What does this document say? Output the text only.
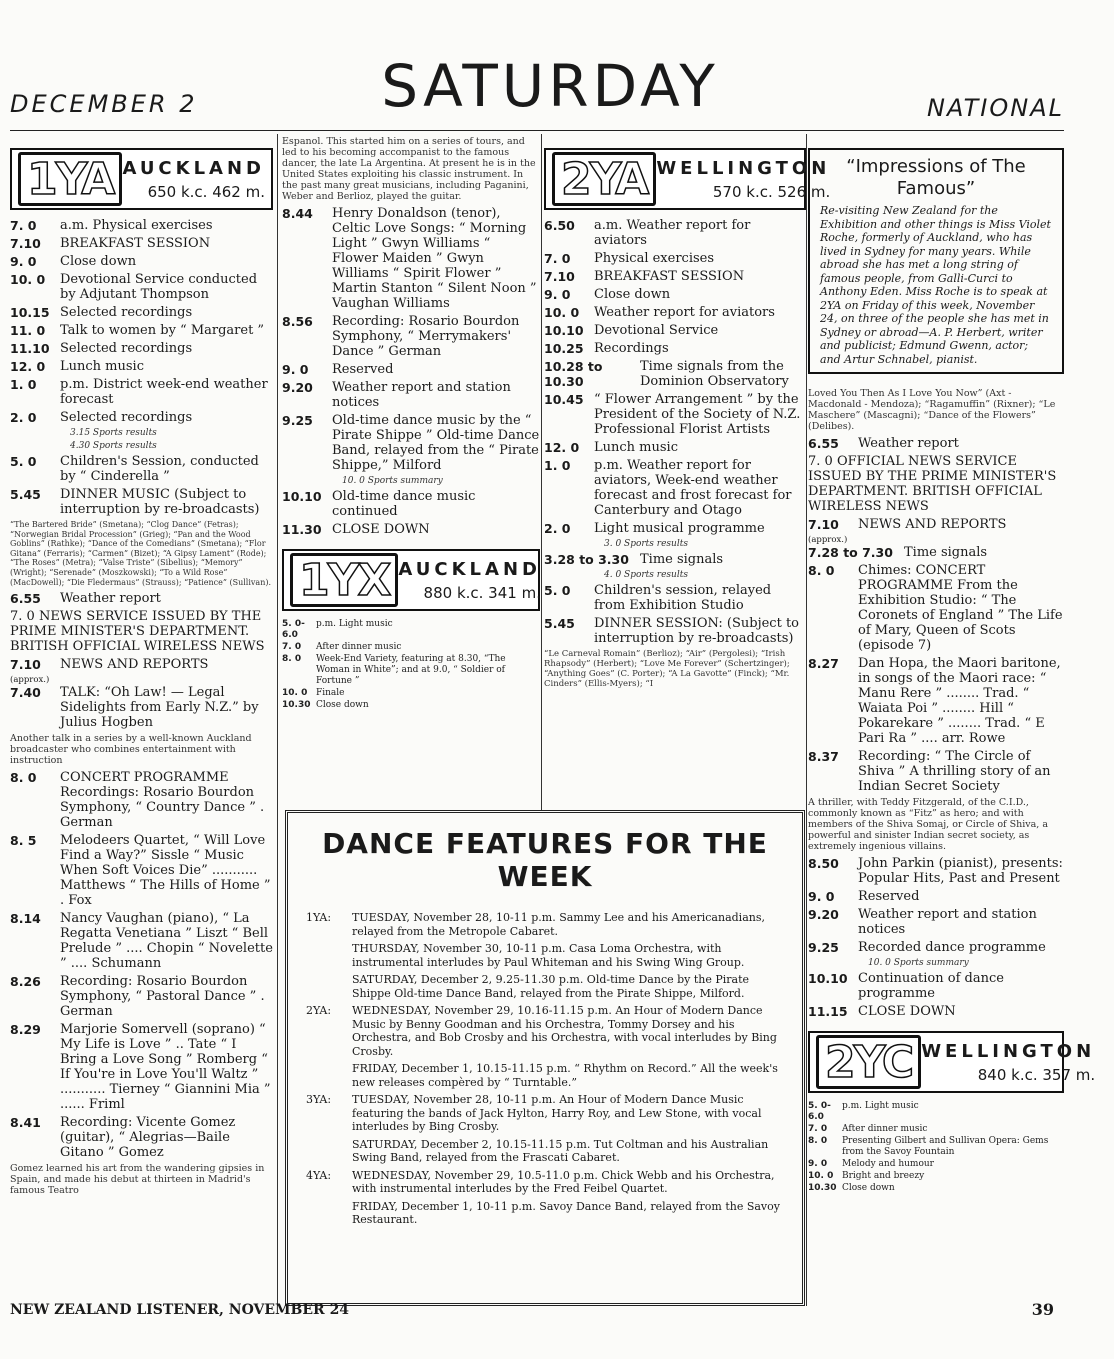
DECEMBER 2	SATURDAY	NATIONAL
1YA AUCKLAND
650 k.c. 462 m.
7. 0	a.m. Physical exercises
7.10	BREAKFAST SESSION
9. 0	Close down
10. 0	Devotional Service conducted by Adjutant Thompson
10.15 Selected recordings
11. 0	Talk to women by “ Margaret ”
11.10 Selected recordings
12. 0	Lunch music
1. 0	p.m. District week-end weather forecast
2. 0	Selected recordings
3.15 Sports results
4.30 Sports results
5. 0	Children's Session, conducted by “ Cinderella ”
5.45	DINNER MUSIC (Subject to interruption by re-broadcasts)
“The Bartered Bride” (Smetana); “Clog Dance” (Fetras); “Norwegian Bridal Procession” (Grieg); “Pan and the Wood Goblins” (Rathke); “Dance of the Comedians” (Smetana); “Flor Gitana” (Ferraris); “Carmen” (Bizet); “A Gipsy Lament” (Rode); “The Roses” (Metra); “Valse Triste” (Sibelius); “Memory” (Wright); “Serenade” (Moszkowski); “To a Wild Rose” (MacDowell); “Die Fledermaus” (Strauss); “Patience” (Sullivan).
6.55	Weather report
7. 0 NEWS SERVICE ISSUED BY THE PRIME MINISTER'S DEPARTMENT. BRITISH OFFICIAL WIRELESS NEWS
7.10	NEWS AND REPORTS
(approx.)
7.40	TALK: “Oh Law! — Legal Sidelights from Early N.Z.” by Julius Hogben
Another talk in a series by a well-known Auckland broadcaster who combines entertainment with instruction
8. 0	CONCERT PROGRAMME Recordings: Rosario Bourdon Symphony, “ Country Dance ” . German
8. 5	Melodeers Quartet, “ Will Love Find a Way?” Sissle “ Music When Soft Voices Die” ........... Matthews “ The Hills of Home ” . Fox
8.14	Nancy Vaughan (piano), “ La Regatta Venetiana ” Liszt “ Bell Prelude ” .... Chopin “ Novelette ” .... Schumann
8.26	Recording: Rosario Bourdon Symphony, “ Pastoral Dance ” . German
8.29	Marjorie Somervell (soprano) “ My Life is Love ” .. Tate “ I Bring a Love Song ” Romberg “ If You're in Love You'll Waltz ” ........... Tierney “ Giannini Mia ” ...... Friml
8.41	Recording: Vicente Gomez (guitar), “ Alegrias—Baile Gitano ” Gomez
Gomez learned his art from the wandering gipsies in Spain, and made his debut at thirteen in Madrid's famous Teatro
Espanol. This started him on a series of tours, and led to his becoming accompanist to the famous dancer, the late La Argentina. At present he is in the United States exploiting his classic instrument. In the past many great musicians, including Paganini, Weber and Berlioz, played the guitar.
8.44	Henry Donaldson (tenor), Celtic Love Songs: “ Morning Light ” Gwyn Williams “ Flower Maiden ” Gwyn Williams “ Spirit Flower ” Martin Stanton “ Silent Noon ” Vaughan Williams
8.56	Recording: Rosario Bourdon Symphony, “ Merrymakers' Dance ” German
9. 0	Reserved
9.20	Weather report and station notices
9.25	Old-time dance music by the “ Pirate Shippe ” Old-time Dance Band, relayed from the “ Pirate Shippe,” Milford
10. 0 Sports summary
10.10 Old-time dance music continued
11.30 CLOSE DOWN
1YX AUCKLAND
880 k.c. 341 m.
5. 0-6.0
p.m. Light music
7. 0	After dinner music
8. 0	Week-End Variety, featuring at 8.30, “The Woman in White”; and at 9.0, “ Soldier of Fortune ”
10. 0 Finale
10.30 Close down
2YA WELLINGTON
570 k.c. 526 m.
6.50	a.m. Weather report for aviators
7. 0	Physical exercises
7.10	BREAKFAST SESSION
9. 0	Close down
10. 0	Weather report for aviators
10.10 Devotional Service
10.25 Recordings
10.28 to 10.30
Time signals from the Dominion Observatory
10.45 “ Flower Arrangement ” by the President of the Society of N.Z. Professional Florist Artists
12. 0	Lunch music
1. 0	p.m. Weather report for aviators, Week-end weather forecast and frost forecast for Canterbury and Otago
2. 0	Light musical programme
3. 0 Sports results
3.28 to 3.30 Time signals
4. 0 Sports results
5. 0	Children's session, relayed from Exhibition Studio
5.45	DINNER SESSION: (Subject to interruption by re-broadcasts)
“Le Carneval Romain” (Berlioz); “Air” (Pergolesi); “Irish Rhapsody” (Herbert); “Love Me Forever” (Schertzinger); “Anything Goes” (C. Porter); “A La Gavotte” (Finck); “Mr. Cinders” (Ellis-Myers); “I
DANCE FEATURES FOR THE WEEK
1YA:	TUESDAY, November 28, 10-11 p.m. Sammy Lee and his Americanadians, relayed from the Metropole Cabaret.
THURSDAY, November 30, 10-11 p.m. Casa Loma Orchestra, with instrumental interludes by Paul Whiteman and his Swing Wing Group.
SATURDAY, December 2, 9.25-11.30 p.m. Old-time Dance by the Pirate Shippe Old-time Dance Band, relayed from the Pirate Shippe, Milford.
2YA:	WEDNESDAY, November 29, 10.16-11.15 p.m. An Hour of Modern Dance Music by Benny Goodman and his Orchestra, Tommy Dorsey and his Orchestra, and Bob Crosby and his Orchestra, with vocal interludes by Bing Crosby.
FRIDAY, December 1, 10.15-11.15 p.m. “ Rhythm on Record.” All the week's new releases compèred by “ Turntable.”
3YA:	TUESDAY, November 28, 10-11 p.m. An Hour of Modern Dance Music featuring the bands of Jack Hylton, Harry Roy, and Lew Stone, with vocal interludes by Bing Crosby.
SATURDAY, December 2, 10.15-11.15 p.m. Tut Coltman and his Australian Swing Band, relayed from the Frascati Cabaret.
4YA:	WEDNESDAY, November 29, 10.5-11.0 p.m. Chick Webb and his Orchestra, with instrumental interludes by the Fred Feibel Quartet.
FRIDAY, December 1, 10-11 p.m. Savoy Dance Band, relayed from the Savoy Restaurant.
“Impressions of The Famous”
Re-visiting New Zealand for the Exhibition and other things is Miss Violet Roche, formerly of Auckland, who has lived in Sydney for many years. While abroad she has met a long string of famous people, from Galli-Curci to Anthony Eden. Miss Roche is to speak at 2YA on Friday of this week, November 24, on three of the people she has met in Sydney or abroad—A. P. Herbert, writer and publicist; Edmund Gwenn, actor; and Artur Schnabel, pianist.
Loved You Then As I Love You Now” (Axt - Macdonald - Mendoza); “Ragamuffin” (Rixner); “Le Maschere” (Mascagni); “Dance of the Flowers” (Delibes).
6.55	Weather report
7. 0 OFFICIAL NEWS SERVICE ISSUED BY THE PRIME MINISTER'S DEPARTMENT. BRITISH OFFICIAL WIRELESS NEWS
7.10	NEWS AND REPORTS
(approx.)
7.28 to 7.30 Time signals
8. 0	Chimes: CONCERT PROGRAMME From the Exhibition Studio: “ The Coronets of England ” The Life of Mary, Queen of Scots (episode 7)
8.27	Dan Hopa, the Maori baritone, in songs of the Maori race: “ Manu Rere ” ........ Trad. “ Waiata Poi ” ........ Hill “ Pokarekare ” ........ Trad. “ E Pari Ra ” .... arr. Rowe
8.37	Recording: “ The Circle of Shiva ” A thrilling story of an Indian Secret Society
A thriller, with Teddy Fitzgerald, of the C.I.D., commonly known as “Fitz” as hero; and with members of the Shiva Somaj, or Circle of Shiva, a powerful and sinister Indian secret society, as extremely ingenious villains.
8.50	John Parkin (pianist), presents: Popular Hits, Past and Present
9. 0	Reserved
9.20	Weather report and station notices
9.25	Recorded dance programme
10. 0 Sports summary
10.10 Continuation of dance programme
11.15 CLOSE DOWN
2YC WELLINGTON
840 k.c. 357 m.
5. 0-6.0
p.m. Light music
7. 0	After dinner music
8. 0	Presenting Gilbert and Sullivan Opera: Gems from the Savoy Fountain
9. 0	Melody and humour
10. 0 Bright and breezy
10.30 Close down
NEW ZEALAND LISTENER, NOVEMBER 24	39
